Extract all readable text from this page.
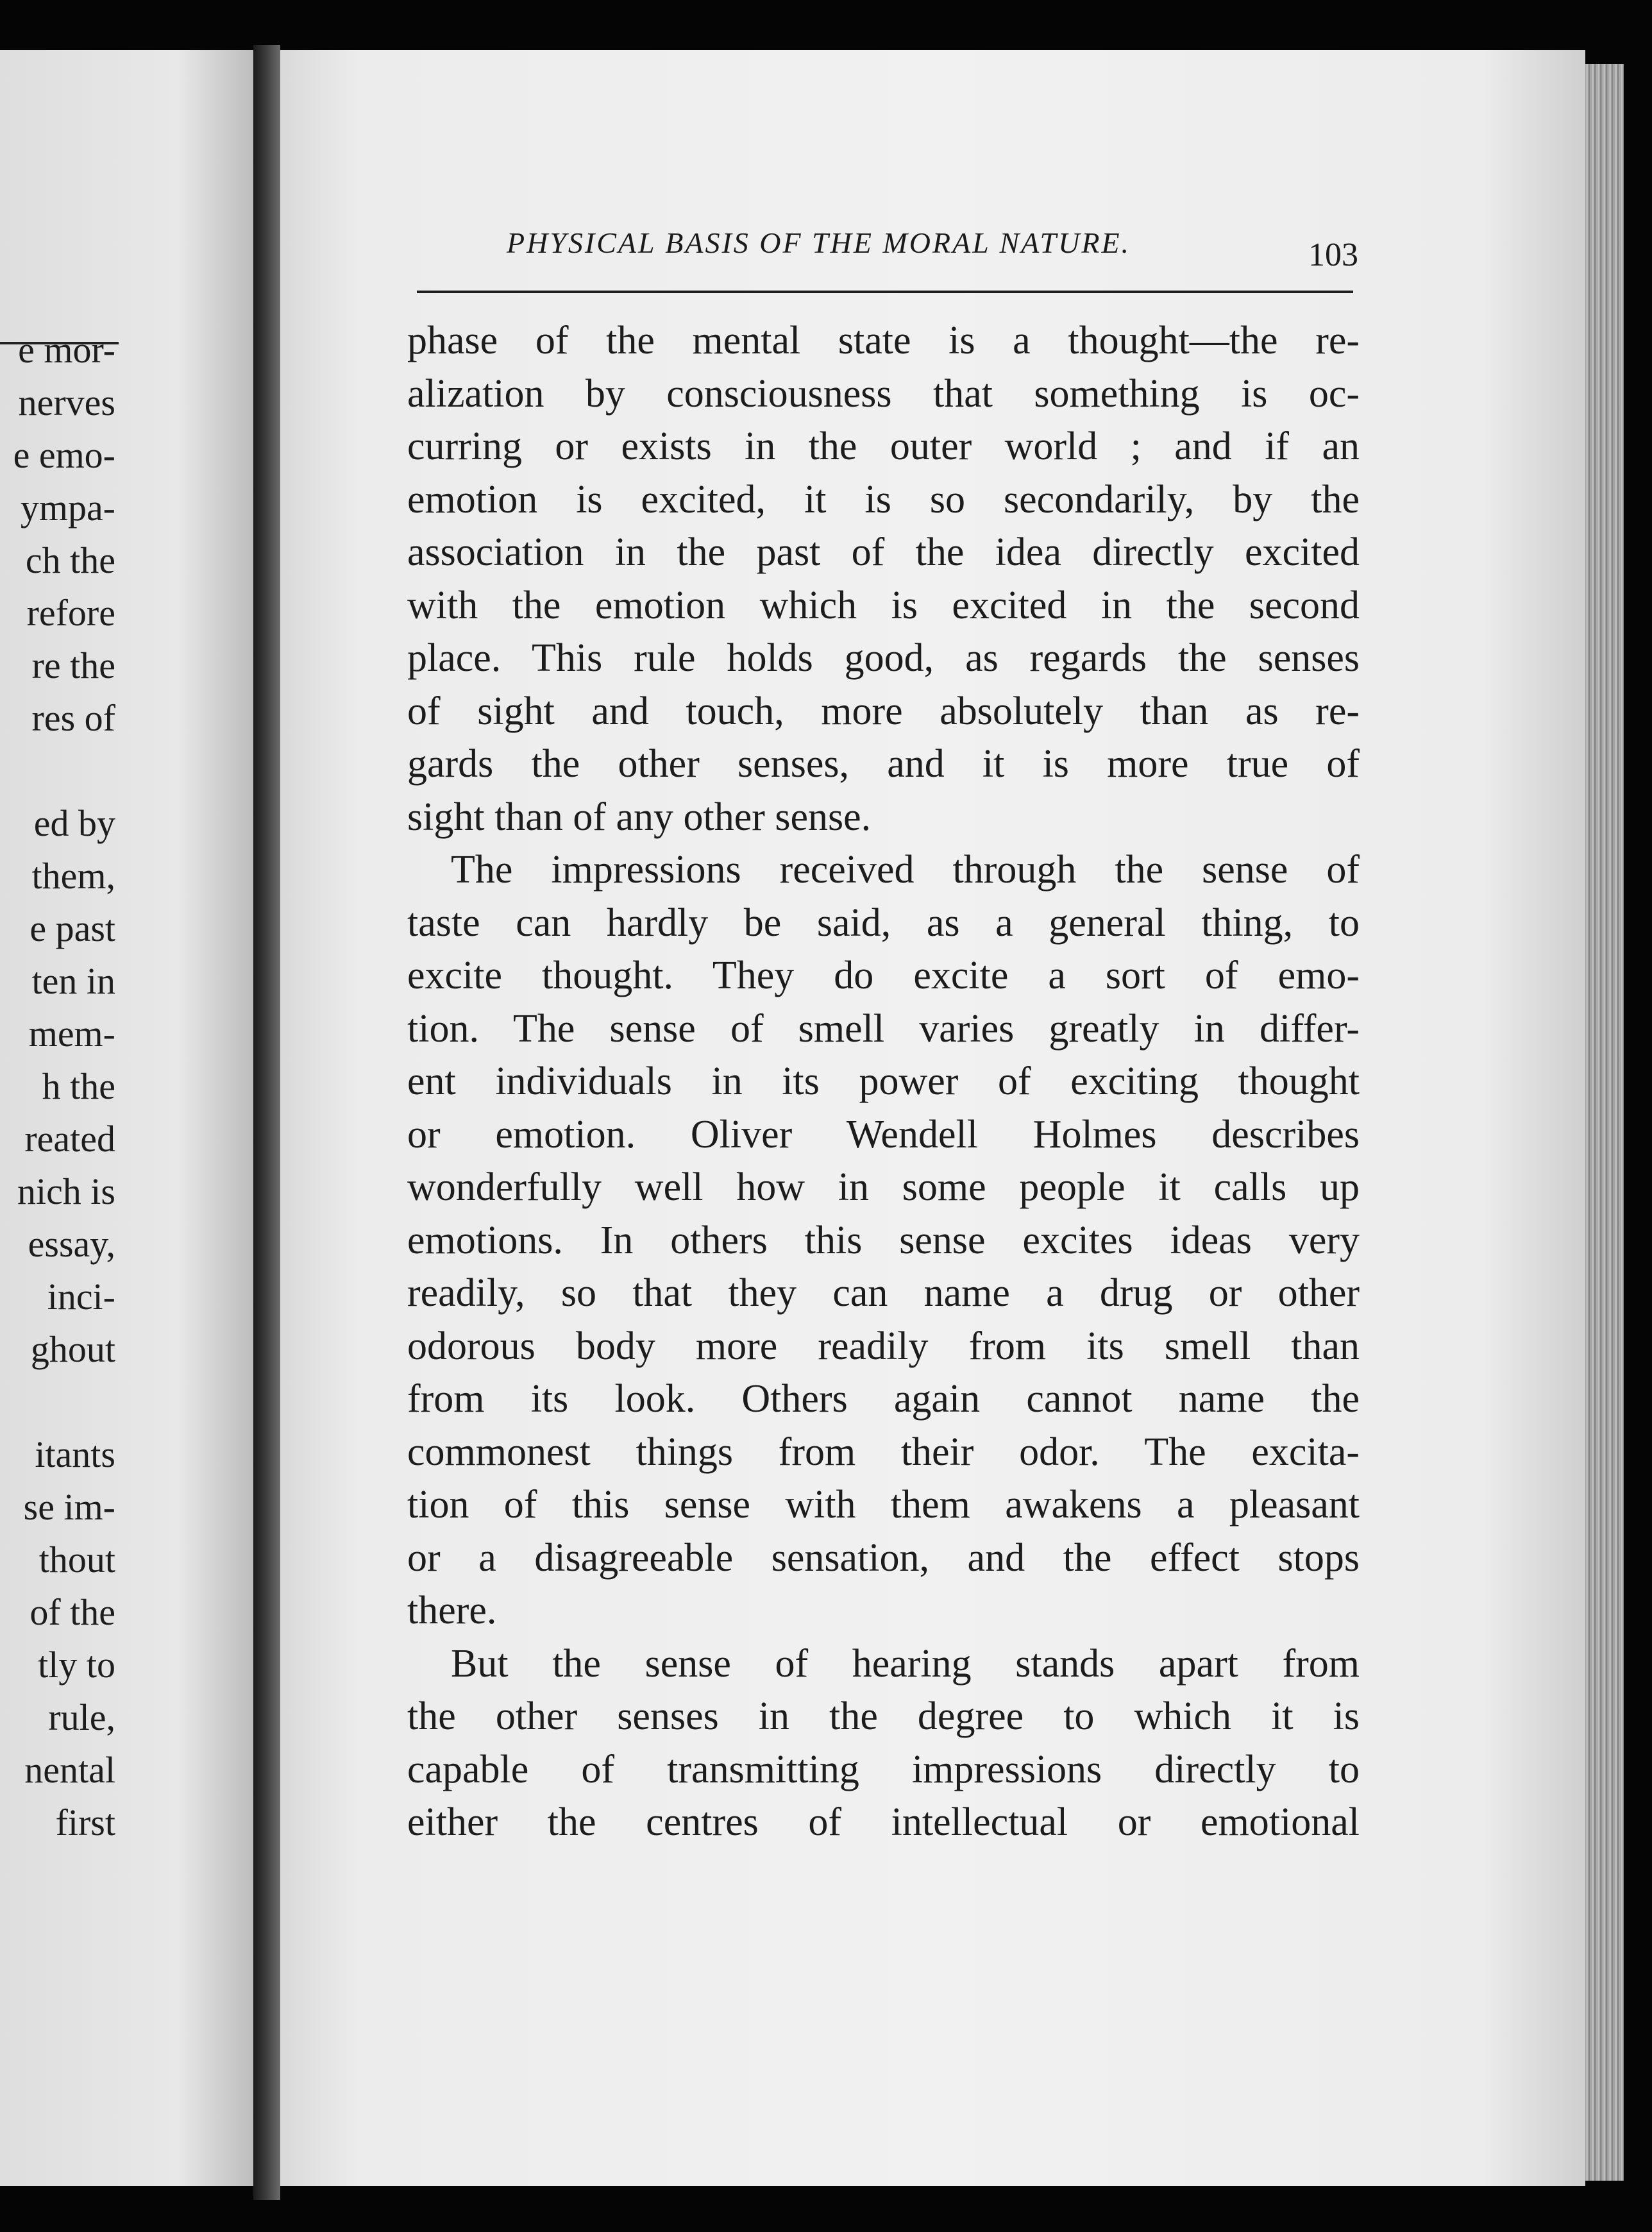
e mor-
nerves
e emo-
ympa-
ch the
refore
re the
res of
ed by
them,
e past
ten in
mem-
h the
reated
nich is
essay,
inci-
ghout
itants
se im-
thout
of the
tly to
rule,
nental
first
PHYSICAL BASIS OF THE MORAL NATURE.	103
phase of the mental state is a thought—the re-
alization by consciousness that something is oc-
curring or exists in the outer world ; and if an
emotion is excited, it is so secondarily, by the
association in the past of the idea directly excited
with the emotion which is excited in the second
place. This rule holds good, as regards the senses
of sight and touch, more absolutely than as re-
gards the other senses, and it is more true of
sight than of any other sense.
The impressions received through the sense of
taste can hardly be said, as a general thing, to
excite thought. They do excite a sort of emo-
tion. The sense of smell varies greatly in differ-
ent individuals in its power of exciting thought
or emotion. Oliver Wendell Holmes describes
wonderfully well how in some people it calls up
emotions. In others this sense excites ideas very
readily, so that they can name a drug or other
odorous body more readily from its smell than
from its look. Others again cannot name the
commonest things from their odor. The excita-
tion of this sense with them awakens a pleasant
or a disagreeable sensation, and the effect stops
there.
But the sense of hearing stands apart from
the other senses in the degree to which it is
capable of transmitting impressions directly to
either the centres of intellectual or emotional
